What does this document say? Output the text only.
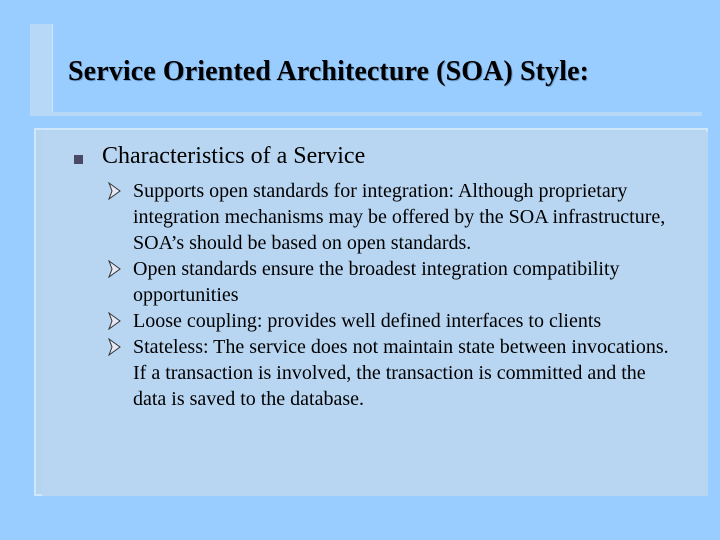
Service Oriented Architecture (SOA) Style:
Characteristics of a Service
Supports open standards for integration: Although proprietary integration mechanisms may be offered by the SOA infrastructure, SOA’s should be based on open standards.
Open standards ensure the broadest integration compatibility opportunities
Loose coupling: provides well defined interfaces to clients
Stateless: The service does not maintain state between invocations. If a transaction is involved, the transaction is committed and the data is saved to the database.
